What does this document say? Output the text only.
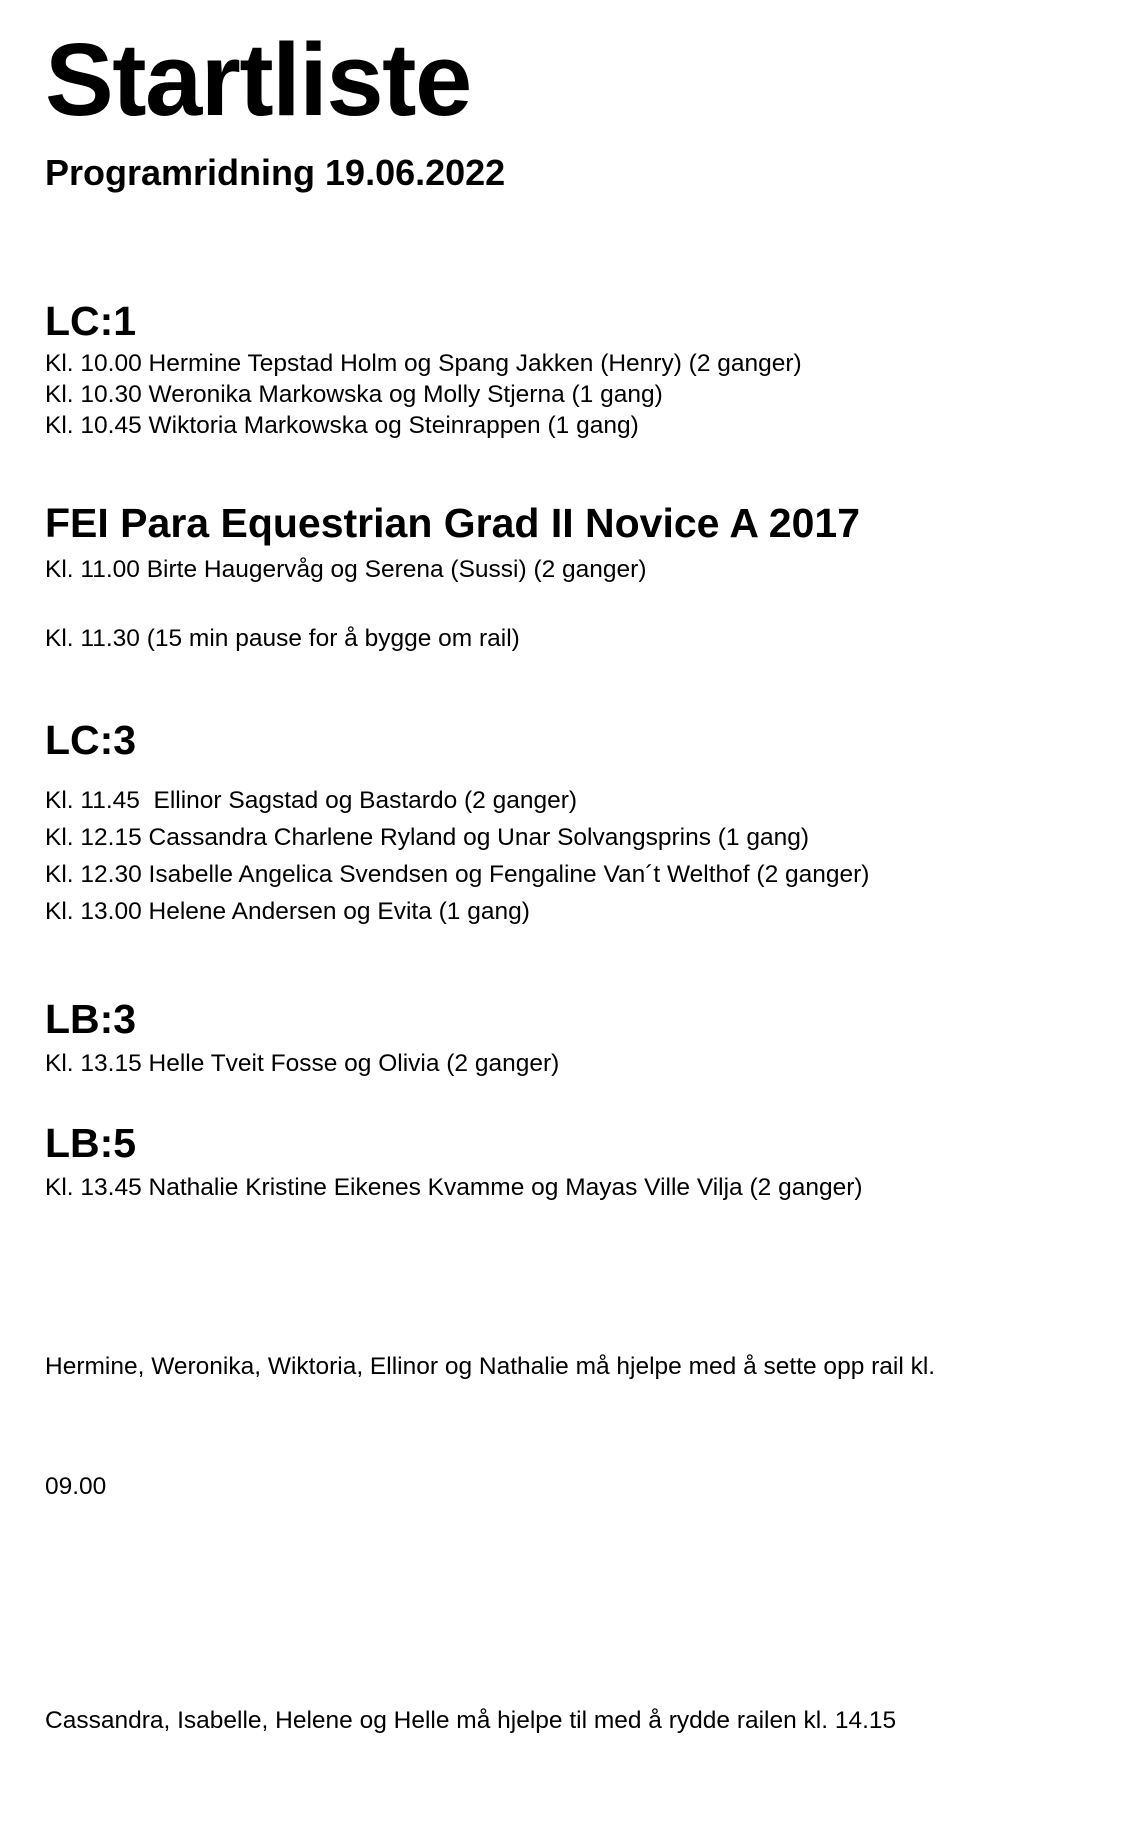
Startliste
Programridning 19.06.2022
LC:1
Kl. 10.00 Hermine Tepstad Holm og Spang Jakken (Henry) (2 ganger)
Kl. 10.30 Weronika Markowska og Molly Stjerna (1 gang)
Kl. 10.45 Wiktoria Markowska og Steinrappen (1 gang)
FEI Para Equestrian Grad II Novice A 2017
Kl. 11.00 Birte Haugervåg og Serena (Sussi) (2 ganger)
Kl. 11.30 (15 min pause for å bygge om rail)
LC:3
Kl. 11.45  Ellinor Sagstad og Bastardo (2 ganger)
Kl. 12.15 Cassandra Charlene Ryland og Unar Solvangsprins (1 gang)
Kl. 12.30 Isabelle Angelica Svendsen og Fengaline Van´t Welthof (2 ganger)
Kl. 13.00 Helene Andersen og Evita (1 gang)
LB:3
Kl. 13.15 Helle Tveit Fosse og Olivia (2 ganger)
LB:5
Kl. 13.45 Nathalie Kristine Eikenes Kvamme og Mayas Ville Vilja (2 ganger)

Hermine, Weronika, Wiktoria, Ellinor og Nathalie må hjelpe med å sette opp rail kl.

09.00

Cassandra, Isabelle, Helene og Helle må hjelpe til med å rydde railen kl. 14.15
